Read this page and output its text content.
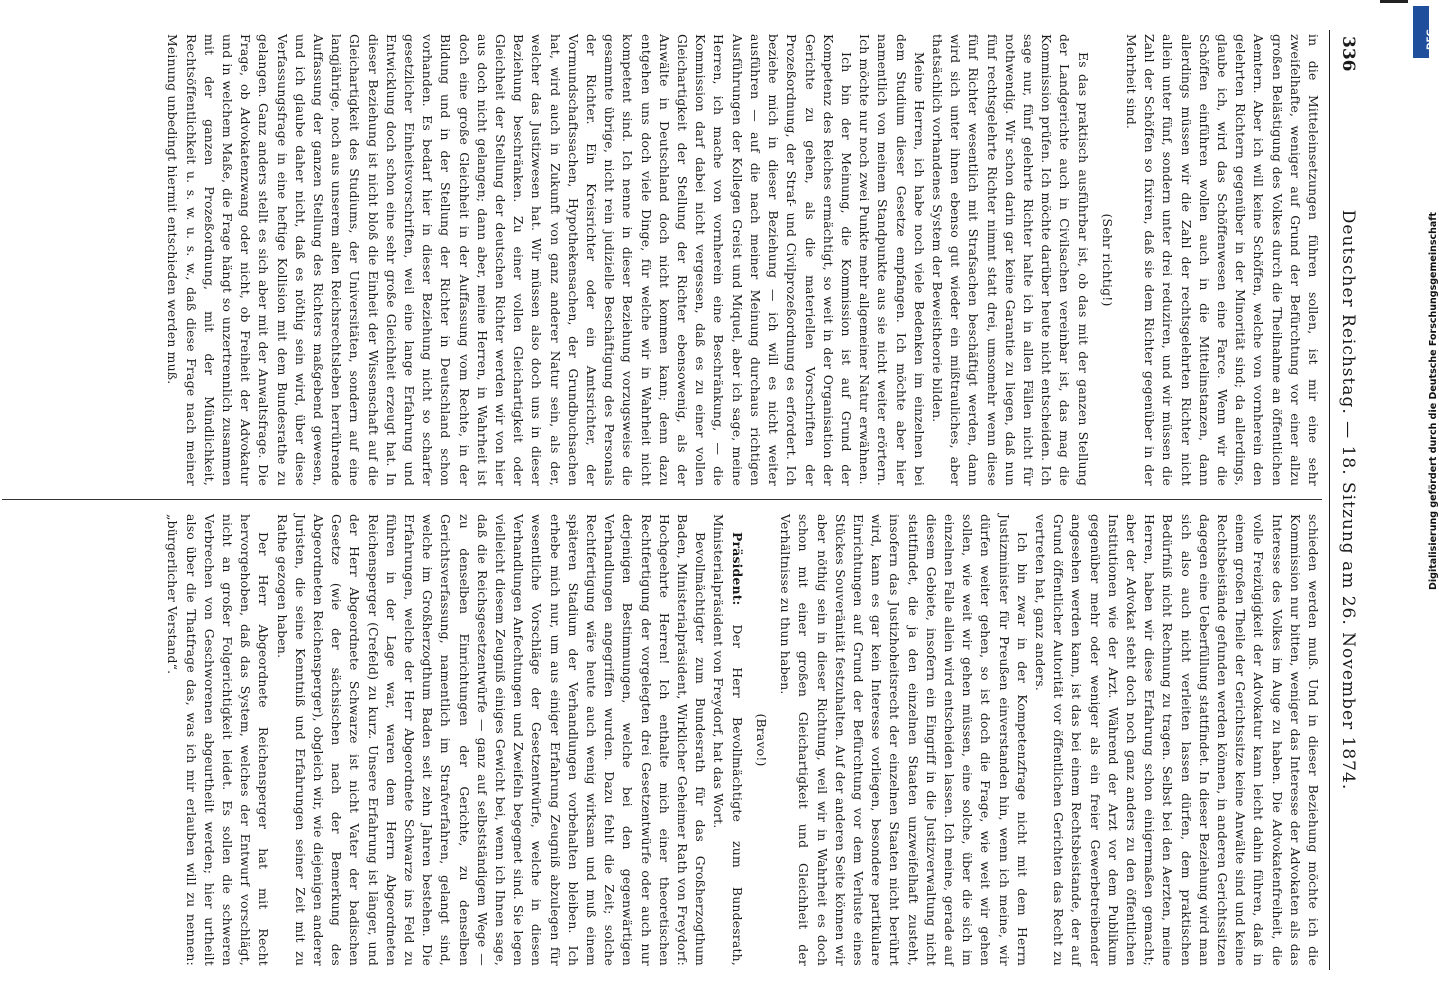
336
Deutscher Reichstag. — 18. Sitzung am 26. November 1874.

in die Mitteleinsetzungen führen sollen, ist mir eine sehr zweifelhafte, weniger auf Grund der Befürchtung vor einer allzu großen Belästigung des Volkes durch die Theilnahme an öffentlichen Aemtern. Aber ich will keine Schöffen, welche von vornherein den gelehrten Richtern gegenüber in der Minorität sind; da allerdings, glaube ich, wird das Schöffenwesen eine Farce. Wenn wir die Schöffen einführen wollen auch in die Mittelinstanzen, dann allerdings müssen wir die Zahl der rechtsgelehrten Richter nicht allein unter fünf, sondern unter drei reduziren, und wir müssen die Zahl der Schöffen so fixiren, daß sie dem Richter gegenüber in der Mehrheit sind.

(Sehr richtig!)

Es das praktisch ausführbar ist, ob das mit der ganzen Stellung der Landgerichte auch in Civilsachen vereinbar ist, das mag die Kommission prüfen. Ich möchte darüber heute nicht entscheiden. Ich sage nur, fünf gelehrte Richter halte ich in allen Fällen nicht für nothwendig. Wir schon darin gar keine Garantie zu liegen, daß nun fünf rechtsgelehrte Richter nimmt statt drei, umsomehr wenn diese fünf Richter wesentlich mit Strafsachen beschäftigt werden, dann wird sich unter ihnen ebenso gut wieder ein mißtrauliches, aber thatsächlich vorhandenes System der Beweistheorie bilden.

Meine Herren, ich habe noch viele Bedenken im einzelnen bei dem Studium dieser Gesetze empfangen. Ich möchte aber hier namentlich von meinem Standpunkte aus sie nicht weiter erörtern. Ich möchte nur noch zwei Punkte mehr allgemeiner Natur erwähnen.

Ich bin der Meinung, die Kommission ist auf Grund der Kompetenz des Reiches ermächtigt, so weit in der Organisation der Gerichte zu gehen, als die materiellen Vorschriften der Prozeßordnung, der Straf- und Civilprozeßordnung es erfordert. Ich beziehe mich in dieser Beziehung — ich will es nicht weiter ausführen — auf die nach meiner Meinung durchaus richtigen Ausführungen der Kollegen Greist und Miquel, aber ich sage, meine Herren, ich mache von vornherein eine Beschränkung, — die Kommission darf dabei nicht vergessen, daß es zu einer vollen Gleichartigkeit der Stellung der Richter ebensowenig, als der Anwälte in Deutschland doch nicht kommen kann; denn dazu entgehen uns doch viele Dinge, für welche wir in Wahrheit nicht kompetent sind. Ich nenne in dieser Beziehung vorzugsweise die gesammte übrige, nicht rein judizielle Beschäftigung des Personals der Richter. Ein Kreisrichter oder ein Amtsrichter, der Vormundschaftssachen, Hypothekensachen, der Grundbuchsachen hat, wird auch in Zukunft von ganz anderer Natur sein, als der, welcher das Justizwesen hat. Wir müssen also doch uns in dieser Beziehung beschränken. Zu einer vollen Gleichartigkeit oder Gleichheit der Stellung der deutschen Richter werden wir von hier aus doch nicht gelangen; dann aber, meine Herren, in Wahrheit ist doch eine große Gleichheit in der Auffassung vom Rechte, in der Bildung und in der Stellung der Richter in Deutschland schon vorhanden. Es bedarf hier in dieser Beziehung nicht so scharfer gesetzlicher Einheitsvorschriften, weil eine lange Erfahrung und Entwicklung doch schon eine sehr große Gleichheit erzeugt hat. In dieser Beziehung ist nicht bloß die Einheit der Wissenschaft auf die Gleichartigkeit des Studiums, der Universitäten, sondern auf eine langjährige, noch aus unserem alten Reichsrechtsleben herrührende Auffassung der ganzen Stellung des Richters maßgebend gewesen, und ich glaube daher nicht, daß es nöthig sein wird, über diese Verfassungsfrage in eine heftige Kollision mit dem Bundesrathe zu gelangen. Ganz anders stellt es sich aber mit der Anwaltsfrage. Die Frage, ob Advokatenzwang oder nicht, ob Freiheit der Advokatur und in welchem Maße, die Frage hängt so unzertrennlich zusammen mit der ganzen Prozeßordnung, mit der Mündlichkeit, Rechtsöffentlichkeit u. s. w. u. s. w., daß diese Frage nach meiner Meinung unbedingt hiermit entschieden werden muß.

schieden werden muß. Und in dieser Beziehung möchte ich die Kommission nur bitten, weniger das Interesse der Advokaten als das Interesse des Volkes im Auge zu haben. Die Advokatenfreiheit, die volle Freizügigkeit der Advokatur kann leicht dahin führen, daß in einem großen Theile der Gerichtssitze keine Anwälte sind und keine Rechtsbeistände gefunden werden können, in anderen Gerichtssitzen dagegen eine Ueberfüllung stattfindet. In dieser Beziehung wird man sich also auch nicht verleiten lassen dürfen, dem praktischen Bedürfniß nicht Rechnung zu tragen. Selbst bei den Aerzten, meine Herren, haben wir diese Erfahrung schon einigermaßen gemacht; aber der Advokat steht doch noch ganz anders zu den öffentlichen Institutionen wie der Arzt. Während der Arzt vor dem Publikum gegenüber mehr oder weniger als ein freier Gewerbetreibender angesehen werden kann, ist das bei einem Rechtsbeistande, der auf Grund öffentlicher Autorität vor öffentlichen Gerichten das Recht zu vertreten hat, ganz anders.

Ich bin zwar in der Kompetenzfrage nicht mit dem Herrn Justizminister für Preußen einverstanden hin, wenn ich meine, wir dürfen weiter gehen, so ist doch die Frage, wie weit wir gehen sollen, wie weit wir gehen müssen, eine solche, über die sich im einzelnen Falle allein wird entscheiden lassen. Ich meine, gerade auf diesem Gebiete, insofern ein Eingriff in die Justizverwaltung nicht stattfindet, die ja den einzelnen Staaten unzweifelhaft zusteht, insofern das Justizhoheitsrecht der einzelnen Staaten nicht berührt wird, kann es gar kein Interesse vorliegen, besondere partikulare Einrichtungen auf Grund der Befürchtung vor dem Verluste eines Stückes Souveränität festzuhalten. Auf der anderen Seite können wir aber nöthig sein in dieser Richtung, weil wir in Wahrheit es doch schon mit einer großen Gleichartigkeit und Gleichheit der Verhältnisse zu thun haben.

(Bravo!)

Präsident: Der Herr Bevollmächtigte zum Bundesrath, Ministerialpräsident von Freydorf, hat das Wort.

Bevollmächtigter zum Bundesrath für das Großherzogthum Baden, Ministerialpräsident, Wirklicher Geheimer Rath von Freydorf: Hochgeehrte Herren! Ich enthalte mich einer theoretischen Rechtfertigung der vorgelegten drei Gesetzentwürfe oder auch nur derjenigen Bestimmungen, welche bei den gegenwärtigen Verhandlungen angegriffen wurden. Dazu fehlt die Zeit; solche Rechtfertigung wäre heute auch wenig wirksam und muß einem späteren Stadium der Verhandlungen vorbehalten bleiben. Ich erhebe mich nur, um aus einiger Erfahrung Zeugniß abzulegen für wesentliche Vorschläge der Gesetzentwürfe, welche in diesen Verhandlungen Anfechtungen und Zweifeln begegnet sind. Sie legen vielleicht diesem Zeugniß einiges Gewicht bei, wenn ich Ihnen sage, daß die Reichsgesetzentwürfe — ganz auf selbstständigem Wege — zu denselben Einrichtungen der Gerichte, zu denselben Gerichtsverfassung, namentlich im Strafverfahren, gelangt sind, welche im Großherzogthum Baden seit zehn Jahren bestehen. Die Erfahrungen, welche der Herr Abgeordnete Schwarze ins Feld zu führen in der Lage war, waren dem Herrn Abgeordneten Reichensperger (Crefeld) zu kurz. Unsere Erfahrung ist länger, und der Herr Abgeordnete Schwarze ist nicht Vater der badischen Gesetze (wie der sächsischen nach der Bemerkung des Abgeordneten Reichensperger), obgleich wir, wie diejenigen anderer Juristen, die seine Kenntniß und Erfahrungen seiner Zeit mit zu Rathe gezogen haben.

Der Herr Abgeordnete Reichensperger hat mit Recht hervorgehoben, daß das System, welches der Entwurf vorschlägt, nicht an großer Folgerichtigkeit leidet. Es sollen die schweren Verbrechen von Geschworenen abgeurtheilt werden; hier urtheilt also über die Thatfrage das, was ich mir erlauben will zu nennen: „bürgerlicher Verstand“.

Digitalisierung gefördert durch die Deutsche Forschungsgemeinschaft
DFG
